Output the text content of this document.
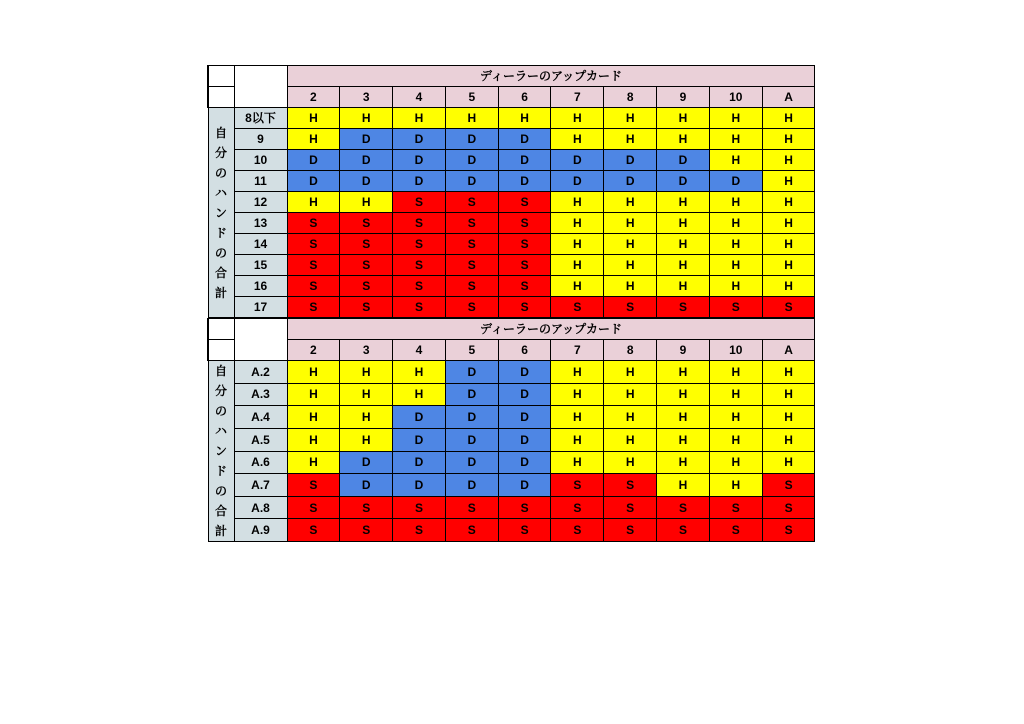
		ディーラーのアップカード									
		2	3	4	5	6	7	8	9	10	A
自分のハンドの合計	8以下	H	H	H	H	H	H	H	H	H	H
	9	H	D	D	D	D	H	H	H	H	H
	10	D	D	D	D	D	D	D	D	H	H
	11	D	D	D	D	D	D	D	D	D	H
	12	H	H	S	S	S	H	H	H	H	H
	13	S	S	S	S	S	H	H	H	H	H
	14	S	S	S	S	S	H	H	H	H	H
	15	S	S	S	S	S	H	H	H	H	H
	16	S	S	S	S	S	H	H	H	H	H
	17	S	S	S	S	S	S	S	S	S	S
		ディーラーのアップカード									
		2	3	4	5	6	7	8	9	10	A
自分のハンドの合計	A.2	H	H	H	D	D	H	H	H	H	H
	A.3	H	H	H	D	D	H	H	H	H	H
	A.4	H	H	D	D	D	H	H	H	H	H
	A.5	H	H	D	D	D	H	H	H	H	H
	A.6	H	D	D	D	D	H	H	H	H	H
	A.7	S	D	D	D	D	S	S	H	H	S
	A.8	S	S	S	S	S	S	S	S	S	S
	A.9	S	S	S	S	S	S	S	S	S	S
